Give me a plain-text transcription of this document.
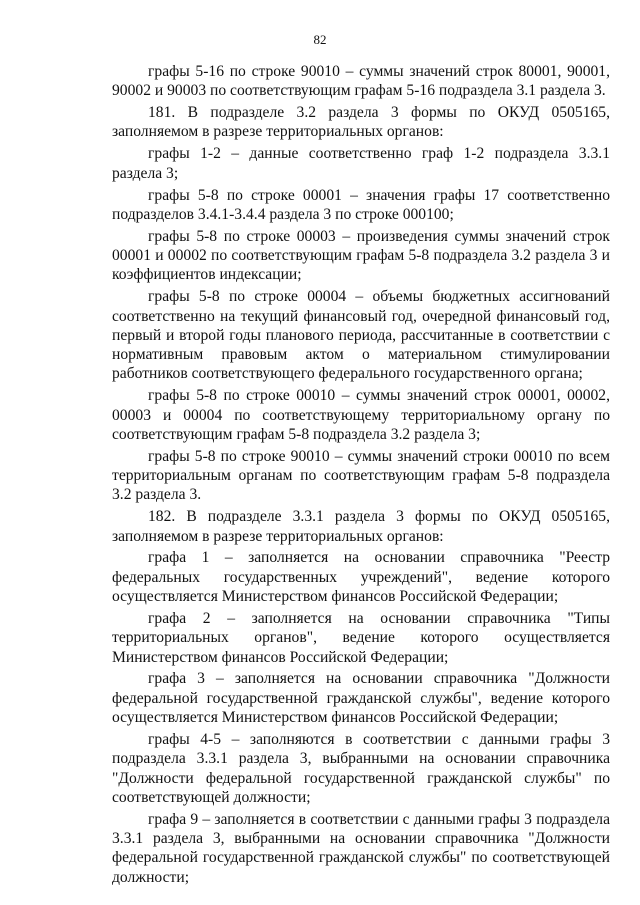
82

графы 5-16 по строке 90010 – суммы значений строк 80001, 90001, 90002 и 90003 по соответствующим графам 5-16 подраздела 3.1 раздела 3.

181. В подразделе 3.2 раздела 3 формы по ОКУД 0505165, заполняемом в разрезе территориальных органов:

графы 1-2 – данные соответственно граф 1-2 подраздела 3.3.1 раздела 3;

графы 5-8 по строке 00001 – значения графы 17 соответственно подразделов 3.4.1-3.4.4 раздела 3 по строке 000100;

графы 5-8 по строке 00003 – произведения суммы значений строк 00001 и 00002 по соответствующим графам 5-8 подраздела 3.2 раздела 3 и коэффициентов индексации;

графы 5-8 по строке 00004 – объемы бюджетных ассигнований соответственно на текущий финансовый год, очередной финансовый год, первый и второй годы планового периода, рассчитанные в соответствии с нормативным правовым актом о материальном стимулировании работников соответствующего федерального государственного органа;

графы 5-8 по строке 00010 – суммы значений строк 00001, 00002, 00003 и 00004 по соответствующему территориальному органу по соответствующим графам 5-8 подраздела 3.2 раздела 3;

графы 5-8 по строке 90010 – суммы значений строки 00010 по всем территориальным органам по соответствующим графам 5-8 подраздела 3.2 раздела 3.

182. В подразделе 3.3.1 раздела 3 формы по ОКУД 0505165, заполняемом в разрезе территориальных органов:

графа 1 – заполняется на основании справочника "Реестр федеральных государственных учреждений", ведение которого осуществляется Министерством финансов Российской Федерации;

графа 2 – заполняется на основании справочника "Типы территориальных органов", ведение которого осуществляется Министерством финансов Российской Федерации;

графа 3 – заполняется на основании справочника "Должности федеральной государственной гражданской службы", ведение которого осуществляется Министерством финансов Российской Федерации;

графы 4-5 – заполняются в соответствии с данными графы 3 подраздела 3.3.1 раздела 3, выбранными на основании справочника "Должности федеральной государственной гражданской службы" по соответствующей должности;

графа 9 – заполняется в соответствии с данными графы 3 подраздела 3.3.1 раздела 3, выбранными на основании справочника "Должности федеральной государственной гражданской службы" по соответствующей должности;
